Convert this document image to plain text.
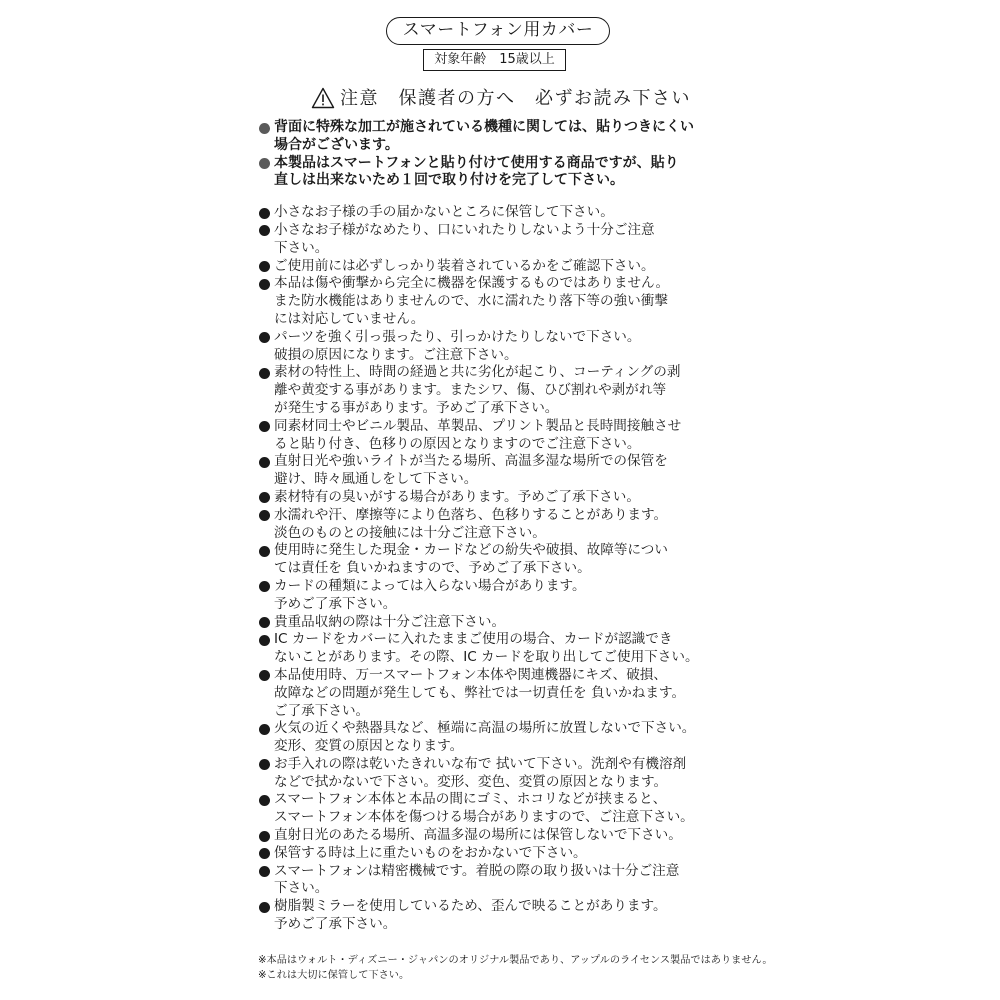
スマートフォン用カバー
対象年齢　15歳以上
注意　保護者の方へ　必ずお読み下さい
背面に特殊な加工が施されている機種に関しては、貼りつきにくい
場合がございます。
本製品はスマートフォンと貼り付けて使用する商品ですが、貼り
直しは出来ないため１回で取り付けを完了して下さい。
小さなお子様の手の届かないところに保管して下さい。
小さなお子様がなめたり、口にいれたりしないよう十分ご注意
下さい。
ご使用前には必ずしっかり装着されているかをご確認下さい。
本品は傷や衝撃から完全に機器を保護するものではありません。
また防水機能はありませんので、水に濡れたり落下等の強い衝撃
には対応していません。
パーツを強く引っ張ったり、引っかけたりしないで下さい。
破損の原因になります。ご注意下さい。
素材の特性上、時間の経過と共に劣化が起こり、コーティングの剥
離や黄変する事があります。またシワ、傷、ひび割れや剥がれ等
が発生する事があります。予めご了承下さい。
同素材同士やビニル製品、革製品、プリント製品と長時間接触させ
ると貼り付き、色移りの原因となりますのでご注意下さい。
直射日光や強いライトが当たる場所、高温多湿な場所での保管を
避け、時々風通しをして下さい。
素材特有の臭いがする場合があります。予めご了承下さい。
水濡れや汗、摩擦等により色落ち、色移りすることがあります。
淡色のものとの接触には十分ご注意下さい。
使用時に発生した現金・カードなどの紛失や破損、故障等につい
ては責任を 負いかねますので、予めご了承下さい。
カードの種類によっては入らない場合があります。
予めご了承下さい。
貴重品収納の際は十分ご注意下さい。
IC カードをカバーに入れたままご使用の場合、カードが認識でき
ないことがあります。その際、IC カードを取り出してご使用下さい。
本品使用時、万一スマートフォン本体や関連機器にキズ、破損、
故障などの問題が発生しても、弊社では一切責任を 負いかねます。
ご了承下さい。
火気の近くや熱器具など、極端に高温の場所に放置しないで下さい。
変形、変質の原因となります。
お手入れの際は乾いたきれいな布で 拭いて下さい。洗剤や有機溶剤
などで拭かないで下さい。変形、変色、変質の原因となります。
スマートフォン本体と本品の間にゴミ、ホコリなどが挟まると、
スマートフォン本体を傷つける場合がありますので、ご注意下さい。
直射日光のあたる場所、高温多湿の場所には保管しないで下さい。
保管する時は上に重たいものをおかないで下さい。
スマートフォンは精密機械です。着脱の際の取り扱いは十分ご注意
下さい。
樹脂製ミラーを使用しているため、歪んで映ることがあります。
予めご了承下さい。
※本品はウォルト・ディズニー・ジャパンのオリジナル製品であり、アップルのライセンス製品ではありません。
※これは大切に保管して下さい。
